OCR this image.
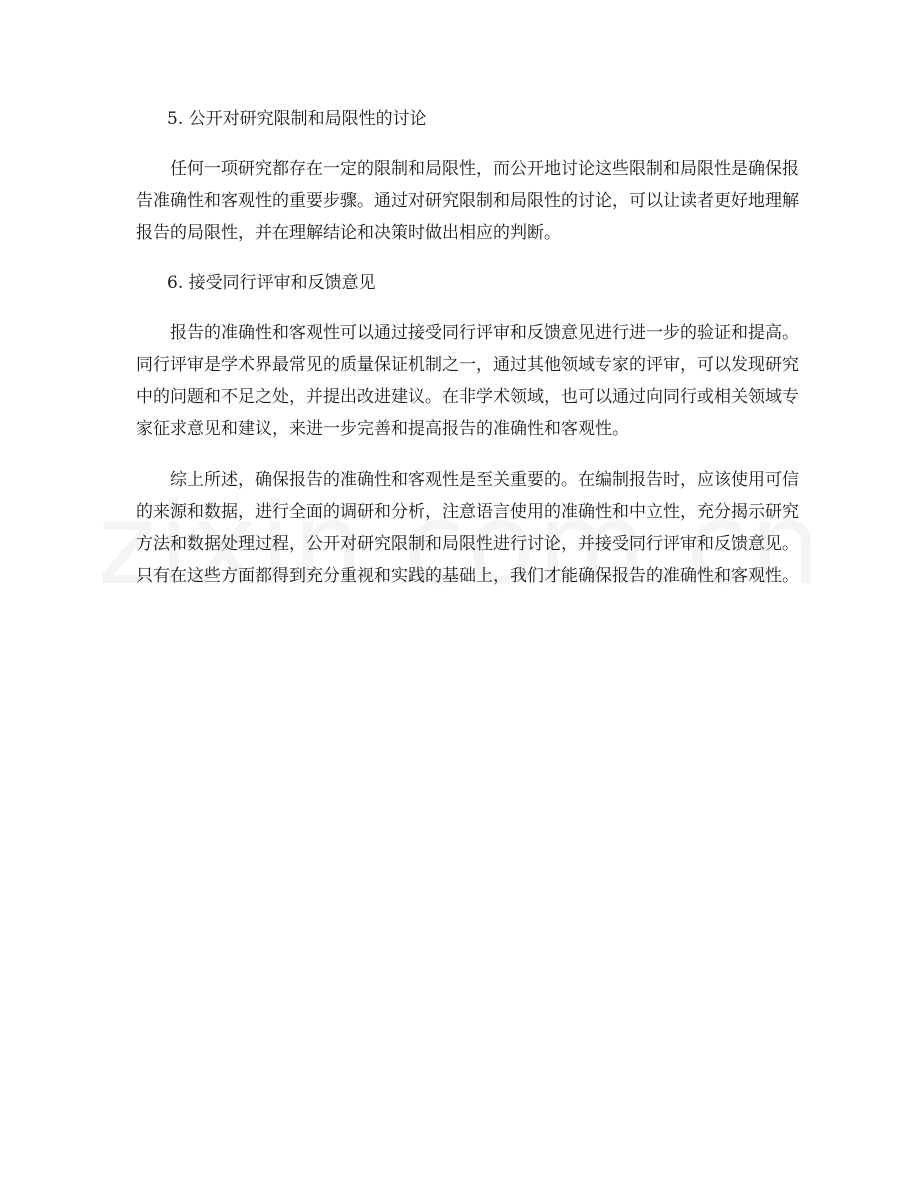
5. 公开对研究限制和局限性的讨论

任何一项研究都存在一定的限制和局限性，而公开地讨论这些限制和局限性是确保报告准确性和客观性的重要步骤。通过对研究限制和局限性的讨论，可以让读者更好地理解报告的局限性，并在理解结论和决策时做出相应的判断。

6. 接受同行评审和反馈意见

报告的准确性和客观性可以通过接受同行评审和反馈意见进行进一步的验证和提高。同行评审是学术界最常见的质量保证机制之一，通过其他领域专家的评审，可以发现研究中的问题和不足之处，并提出改进建议。在非学术领域，也可以通过向同行或相关领域专家征求意见和建议，来进一步完善和提高报告的准确性和客观性。

综上所述，确保报告的准确性和客观性是至关重要的。在编制报告时，应该使用可信的来源和数据，进行全面的调研和分析，注意语言使用的准确性和中立性，充分揭示研究方法和数据处理过程，公开对研究限制和局限性进行讨论，并接受同行评审和反馈意见。只有在这些方面都得到充分重视和实践的基础上，我们才能确保报告的准确性和客观性。
